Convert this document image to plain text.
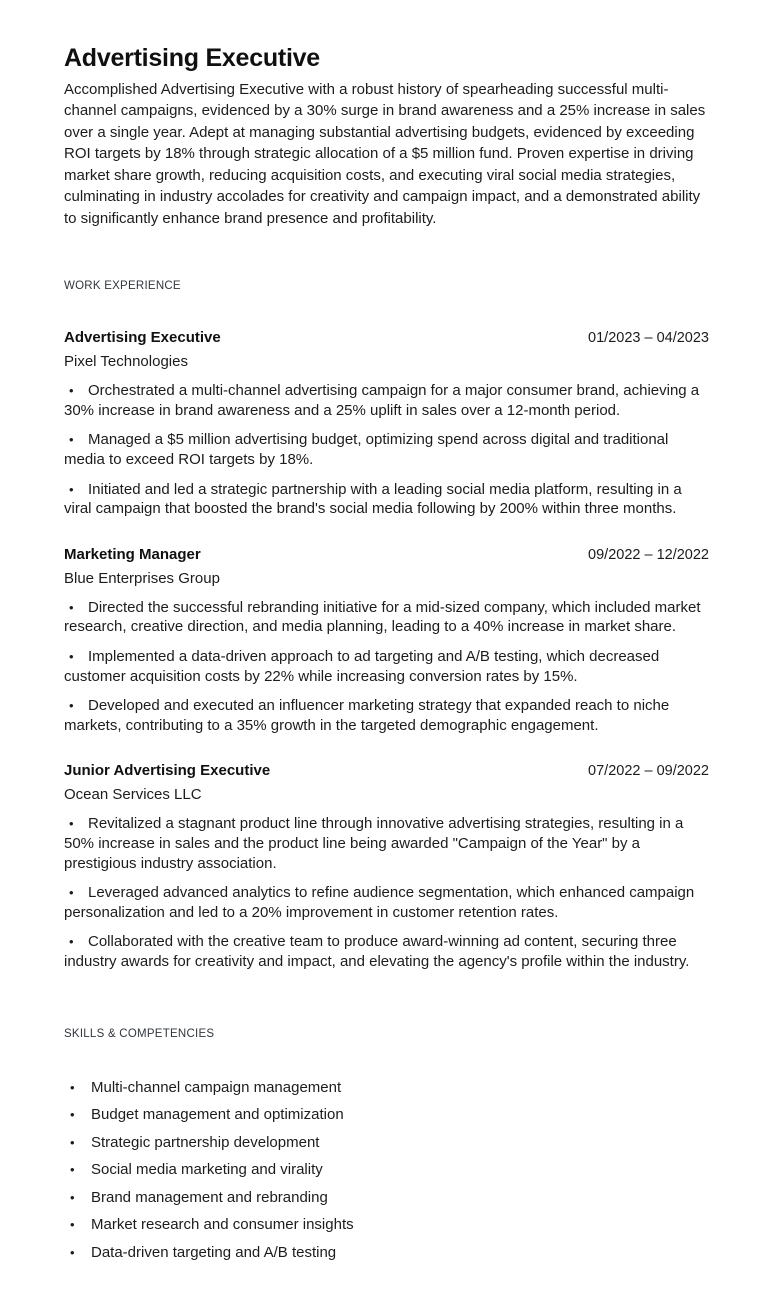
Advertising Executive

Accomplished Advertising Executive with a robust history of spearheading successful multi-channel campaigns, evidenced by a 30% surge in brand awareness and a 25% increase in sales over a single year. Adept at managing substantial advertising budgets, evidenced by exceeding ROI targets by 18% through strategic allocation of a $5 million fund. Proven expertise in driving market share growth, reducing acquisition costs, and executing viral social media strategies, culminating in industry accolades for creativity and campaign impact, and a demonstrated ability to significantly enhance brand presence and profitability.

WORK EXPERIENCE
Advertising Executive	01/2023 – 04/2023
Pixel Technologies
• Orchestrated a multi-channel advertising campaign for a major consumer brand, achieving a 30% increase in brand awareness and a 25% uplift in sales over a 12-month period.
• Managed a $5 million advertising budget, optimizing spend across digital and traditional media to exceed ROI targets by 18%.
• Initiated and led a strategic partnership with a leading social media platform, resulting in a viral campaign that boosted the brand's social media following by 200% within three months.
Marketing Manager	09/2022 – 12/2022
Blue Enterprises Group
• Directed the successful rebranding initiative for a mid-sized company, which included market research, creative direction, and media planning, leading to a 40% increase in market share.
• Implemented a data-driven approach to ad targeting and A/B testing, which decreased customer acquisition costs by 22% while increasing conversion rates by 15%.
• Developed and executed an influencer marketing strategy that expanded reach to niche markets, contributing to a 35% growth in the targeted demographic engagement.
Junior Advertising Executive	07/2022 – 09/2022
Ocean Services LLC
• Revitalized a stagnant product line through innovative advertising strategies, resulting in a 50% increase in sales and the product line being awarded "Campaign of the Year" by a prestigious industry association.
• Leveraged advanced analytics to refine audience segmentation, which enhanced campaign personalization and led to a 20% improvement in customer retention rates.
• Collaborated with the creative team to produce award-winning ad content, securing three industry awards for creativity and impact, and elevating the agency's profile within the industry.
SKILLS & COMPETENCIES
• Multi-channel campaign management
• Budget management and optimization
• Strategic partnership development
• Social media marketing and virality
• Brand management and rebranding
• Market research and consumer insights
• Data-driven targeting and A/B testing
